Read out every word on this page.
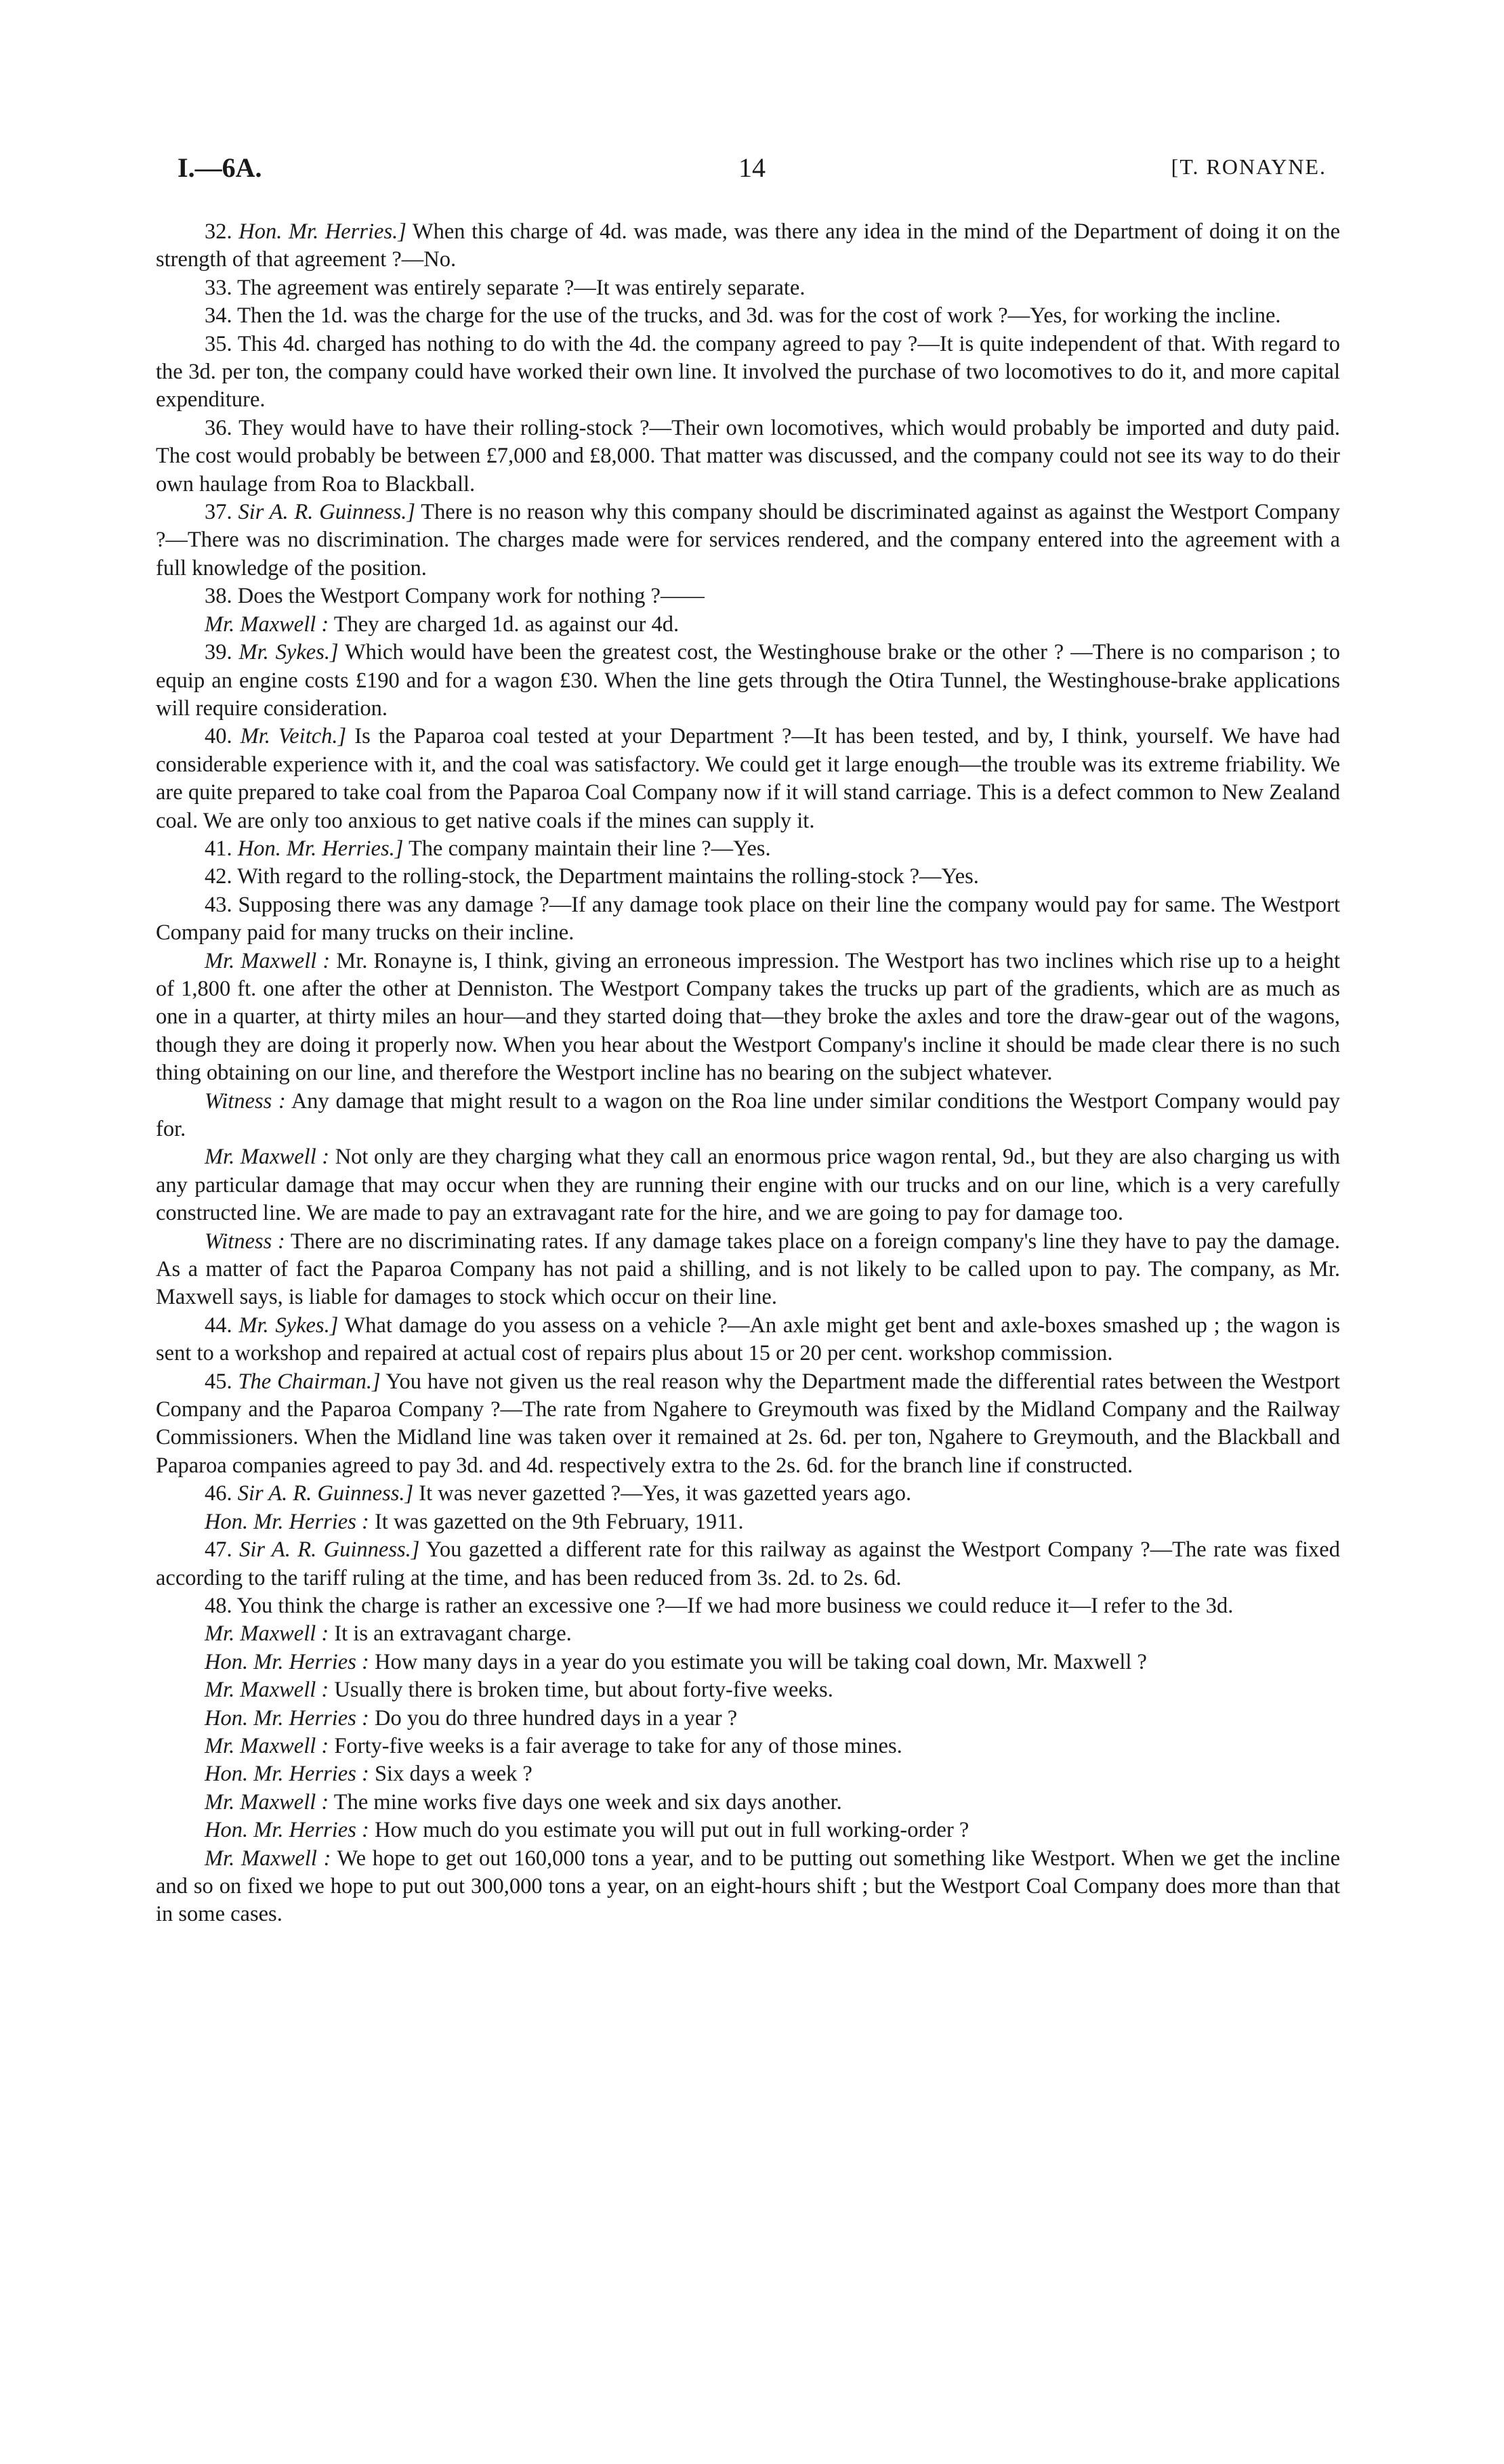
I.—6A.	14	[T. RONAYNE.

32. Hon. Mr. Herries.] When this charge of 4d. was made, was there any idea in the mind of the Department of doing it on the strength of that agreement ?—No.

33. The agreement was entirely separate ?—It was entirely separate.

34. Then the 1d. was the charge for the use of the trucks, and 3d. was for the cost of work ?—Yes, for working the incline.

35. This 4d. charged has nothing to do with the 4d. the company agreed to pay ?—It is quite independent of that. With regard to the 3d. per ton, the company could have worked their own line. It involved the purchase of two locomotives to do it, and more capital expenditure.

36. They would have to have their rolling-stock ?—Their own locomotives, which would probably be imported and duty paid. The cost would probably be between £7,000 and £8,000. That matter was discussed, and the company could not see its way to do their own haulage from Roa to Blackball.

37. Sir A. R. Guinness.] There is no reason why this company should be discriminated against as against the Westport Company ?—There was no discrimination. The charges made were for services rendered, and the company entered into the agreement with a full knowledge of the position.

38. Does the Westport Company work for nothing ?——

Mr. Maxwell : They are charged 1d. as against our 4d.

39. Mr. Sykes.] Which would have been the greatest cost, the Westinghouse brake or the other ? —There is no comparison ; to equip an engine costs £190 and for a wagon £30. When the line gets through the Otira Tunnel, the Westinghouse-brake applications will require consideration.

40. Mr. Veitch.] Is the Paparoa coal tested at your Department ?—It has been tested, and by, I think, yourself. We have had considerable experience with it, and the coal was satisfactory. We could get it large enough—the trouble was its extreme friability. We are quite prepared to take coal from the Paparoa Coal Company now if it will stand carriage. This is a defect common to New Zealand coal. We are only too anxious to get native coals if the mines can supply it.

41. Hon. Mr. Herries.] The company maintain their line ?—Yes.

42. With regard to the rolling-stock, the Department maintains the rolling-stock ?—Yes.

43. Supposing there was any damage ?—If any damage took place on their line the company would pay for same. The Westport Company paid for many trucks on their incline.

Mr. Maxwell : Mr. Ronayne is, I think, giving an erroneous impression. The Westport has two inclines which rise up to a height of 1,800 ft. one after the other at Denniston. The Westport Company takes the trucks up part of the gradients, which are as much as one in a quarter, at thirty miles an hour—and they started doing that—they broke the axles and tore the draw-gear out of the wagons, though they are doing it properly now. When you hear about the Westport Company's incline it should be made clear there is no such thing obtaining on our line, and therefore the Westport incline has no bearing on the subject whatever.

Witness : Any damage that might result to a wagon on the Roa line under similar conditions the Westport Company would pay for.

Mr. Maxwell : Not only are they charging what they call an enormous price wagon rental, 9d., but they are also charging us with any particular damage that may occur when they are running their engine with our trucks and on our line, which is a very carefully constructed line. We are made to pay an extravagant rate for the hire, and we are going to pay for damage too.

Witness : There are no discriminating rates. If any damage takes place on a foreign company's line they have to pay the damage. As a matter of fact the Paparoa Company has not paid a shilling, and is not likely to be called upon to pay. The company, as Mr. Maxwell says, is liable for damages to stock which occur on their line.

44. Mr. Sykes.] What damage do you assess on a vehicle ?—An axle might get bent and axle-boxes smashed up ; the wagon is sent to a workshop and repaired at actual cost of repairs plus about 15 or 20 per cent. workshop commission.

45. The Chairman.] You have not given us the real reason why the Department made the differential rates between the Westport Company and the Paparoa Company ?—The rate from Ngahere to Greymouth was fixed by the Midland Company and the Railway Commissioners. When the Midland line was taken over it remained at 2s. 6d. per ton, Ngahere to Greymouth, and the Blackball and Paparoa companies agreed to pay 3d. and 4d. respectively extra to the 2s. 6d. for the branch line if constructed.

46. Sir A. R. Guinness.] It was never gazetted ?—Yes, it was gazetted years ago.

Hon. Mr. Herries : It was gazetted on the 9th February, 1911.

47. Sir A. R. Guinness.] You gazetted a different rate for this railway as against the Westport Company ?—The rate was fixed according to the tariff ruling at the time, and has been reduced from 3s. 2d. to 2s. 6d.

48. You think the charge is rather an excessive one ?—If we had more business we could reduce it—I refer to the 3d.

Mr. Maxwell : It is an extravagant charge.

Hon. Mr. Herries : How many days in a year do you estimate you will be taking coal down, Mr. Maxwell ?

Mr. Maxwell : Usually there is broken time, but about forty-five weeks.

Hon. Mr. Herries : Do you do three hundred days in a year ?

Mr. Maxwell : Forty-five weeks is a fair average to take for any of those mines.

Hon. Mr. Herries : Six days a week ?

Mr. Maxwell : The mine works five days one week and six days another.

Hon. Mr. Herries : How much do you estimate you will put out in full working-order ?

Mr. Maxwell : We hope to get out 160,000 tons a year, and to be putting out something like Westport. When we get the incline and so on fixed we hope to put out 300,000 tons a year, on an eight-hours shift ; but the Westport Coal Company does more than that in some cases.
